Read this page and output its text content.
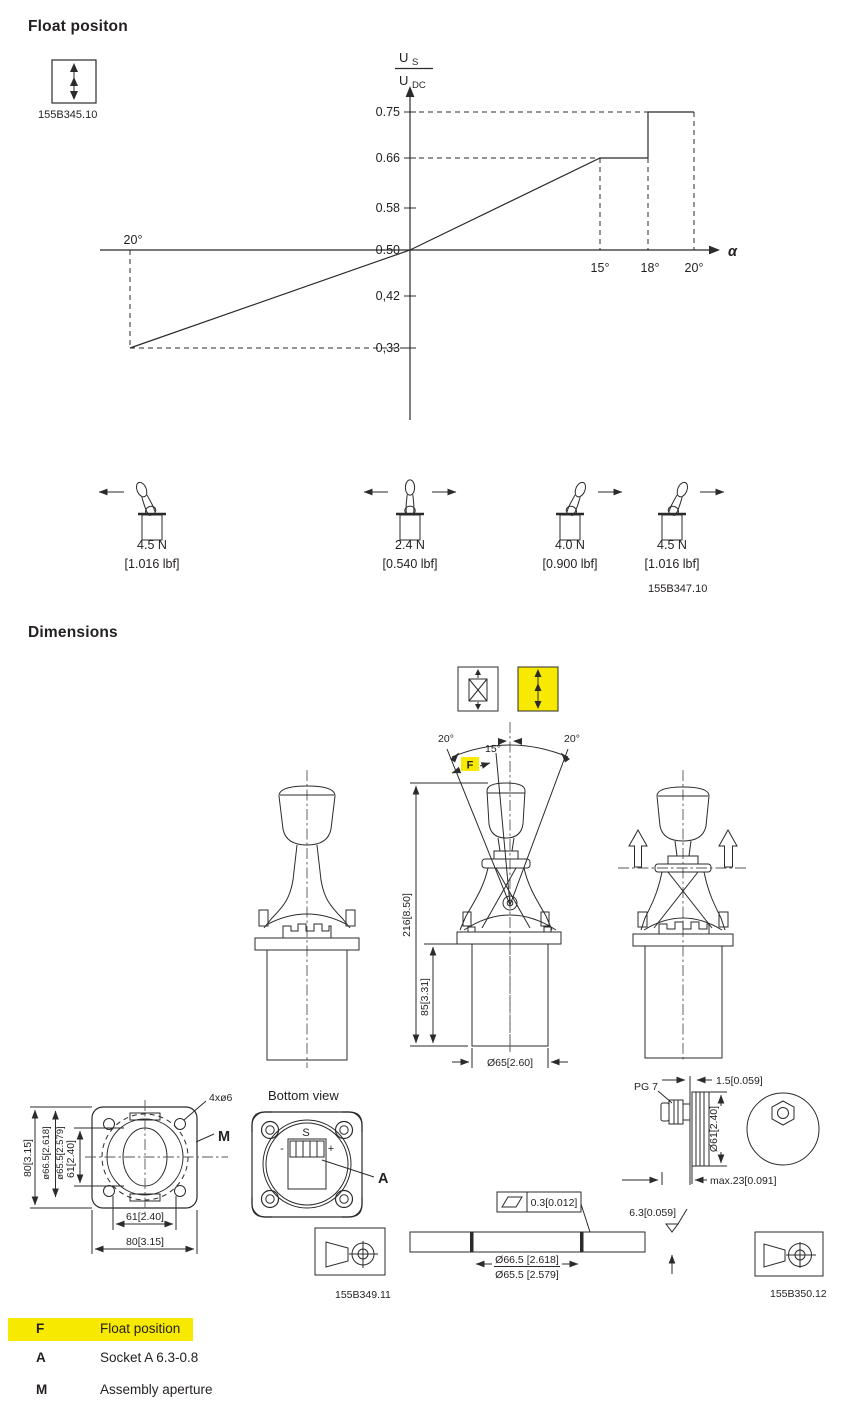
Float positon
155B345.10
U S
U DC
α
0.75
0.66
0.58
0.50
0,42
0,33
15° 18° 20°
20°
4.5 N
[1.016 lbf]
2.4 N
[0.540 lbf]
4.0 N
[0.900 lbf]
4.5 N
[1.016 lbf]
155B347.10
Dimensions
20°	20°
15°
F
216[8.50]
85[3.31]
Ø65[2.60]
4xø6
M
80[3.15] ø66.5[2.618] ø65.5[2.579] 61[2.40]
61[2.40]
80[3.15]
Bottom view
S
-	+
A
PG 7	1.5[0.059]
Ø61[2.40]
max.23[0.091]
0.3[0.012]
6.3[0.059]
Ø66.5 [2.618]
Ø65.5 [2.579]
155B349.11	155B350.12
F	Float position
A	Socket A 6.3-0.8
M	Assembly aperture
